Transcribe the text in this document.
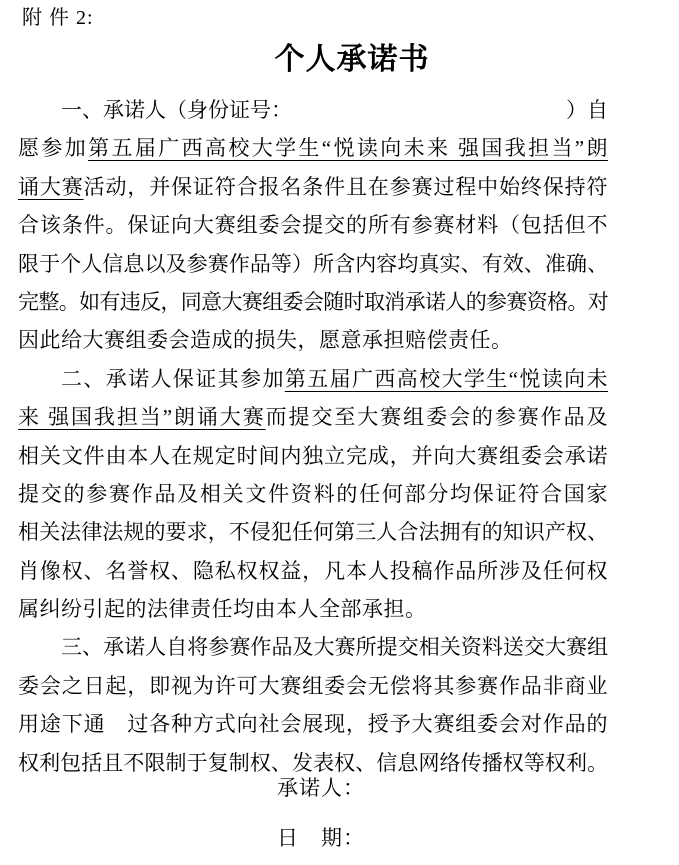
附 件 2:
个人承诺书
一、承诺人（身份证号：	）自
愿参加第五届广西高校大学生“悦读向未来 强国我担当”朗
诵大赛活动，并保证符合报名条件且在参赛过程中始终保持符
合该条件。保证向大赛组委会提交的所有参赛材料（包括但不
限于个人信息以及参赛作品等）所含内容均真实、有效、准确、
完整。如有违反，同意大赛组委会随时取消承诺人的参赛资格。对
因此给大赛组委会造成的损失，愿意承担赔偿责任。
二、承诺人保证其参加第五届广西高校大学生“悦读向未
来 强国我担当”朗诵大赛而提交至大赛组委会的参赛作品及
相关文件由本人在规定时间内独立完成，并向大赛组委会承诺
提交的参赛作品及相关文件资料的任何部分均保证符合国家
相关法律法规的要求，不侵犯任何第三人合法拥有的知识产权、
肖像权、名誉权、隐私权权益，凡本人投稿作品所涉及任何权
属纠纷引起的法律责任均由本人全部承担。
三、承诺人自将参赛作品及大赛所提交相关资料送交大赛组
委会之日起，即视为许可大赛组委会无偿将其参赛作品非商业
用途下通　过各种方式向社会展现，授予大赛组委会对作品的
权利包括且不限制于复制权、发表权、信息网络传播权等权利。
承诺人：
日　期：
